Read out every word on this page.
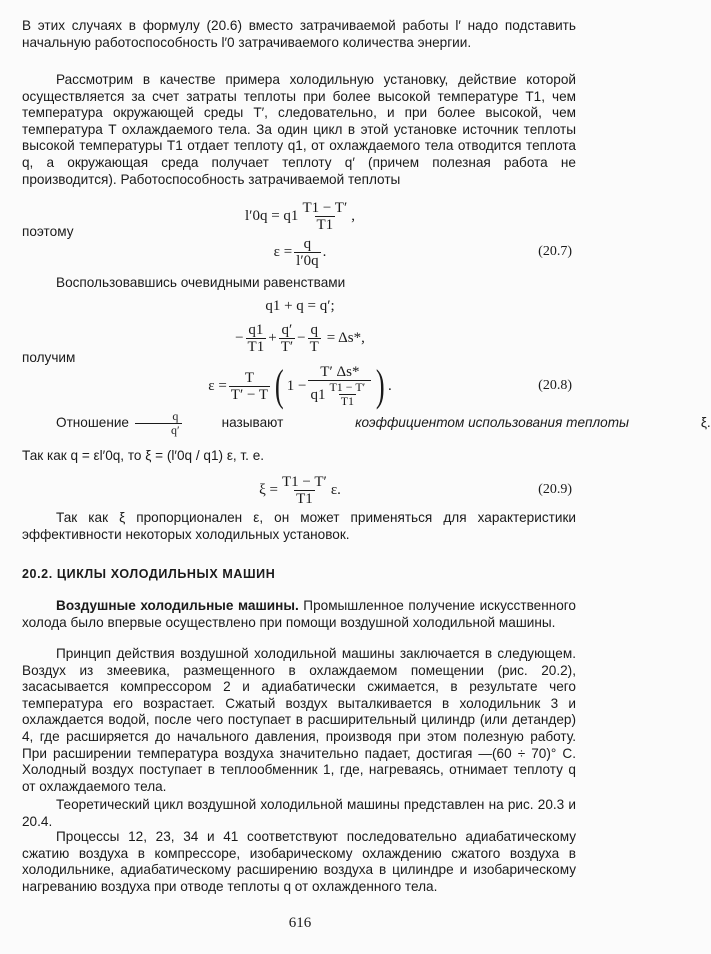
В этих случаях в формулу (20.6) вместо затрачиваемой работы l′ надо подставить начальную работоспособность l′0 затрачиваемого количества энергии.

Рассмотрим в качестве примера холодильную установку, действие которой осуществляется за счет затраты теплоты при более высокой температуре T1, чем температура окружающей среды T′, следовательно, и при более высокой, чем температура T охлаждаемого тела. За один цикл в этой установке источник теплоты высокой температуры T1 отдает теплоту q1, от охлаждаемого тела отводится теплота q, а окружающая среда получает теплоту q′ (причем полезная работа не производится). Работоспособность затрачиваемой теплоты

$l'0q = q1 \frac{T1 - T'}{T1}$ ,
поэтому
$\varepsilon = \frac{q}{l'0q}$ .	(20.7)

Воспользовавшись очевидными равенствами

q1 + q = q′;
− $\frac{q1}{T1} + \frac{q'}{T'} - \frac{q}{T} = \Delta s*$,
получим
$\varepsilon = \frac{T}{T' - T}$ ( $1 - \frac{T' \Delta s*}{q1 \frac{T1 - T'}{T1}}$ ) .	(20.8)
Отношение $\frac{q}{q'}$	называют
	коэффициентом использования теплоты
	ξ.

Так как q = εl′0q, то ξ = (l′0q / q1) ε, т. е.

$\xi = \frac{T1 - T'}{T1} \varepsilon$.	(20.9)

Так как ξ пропорционален ε, он может применяться для характеристики эффективности некоторых холодильных установок.

20.2. ЦИКЛЫ ХОЛОДИЛЬНЫХ МАШИН

Воздушные холодильные машины. Промышленное получение искусственного холода было впервые осуществлено при помощи воздушной холодильной машины.

Принцип действия воздушной холодильной машины заключается в следующем. Воздух из змеевика, размещенного в охлаждаемом помещении (рис. 20.2), засасывается компрессором 2 и адиабатически сжимается, в результате чего температура его возрастает. Сжатый воздух выталкивается в холодильник 3 и охлаждается водой, после чего поступает в расширительный цилиндр (или детандер) 4, где расширяется до начального давления, производя при этом полезную работу. При расширении температура воздуха значительно падает, достигая —(60 ÷ 70)° С. Холодный воздух поступает в теплообменник 1, где, нагреваясь, отнимает теплоту q от охлаждаемого тела.

Теоретический цикл воздушной холодильной машины представлен на рис. 20.3 и 20.4.

Процессы 12, 23, 34 и 41 соответствуют последовательно адиабатическому сжатию воздуха в компрессоре, изобарическому охлаждению сжатого воздуха в холодильнике, адиабатическому расширению воздуха в цилиндре и изобарическому нагреванию воздуха при отводе теплоты q от охлажденного тела.

616
